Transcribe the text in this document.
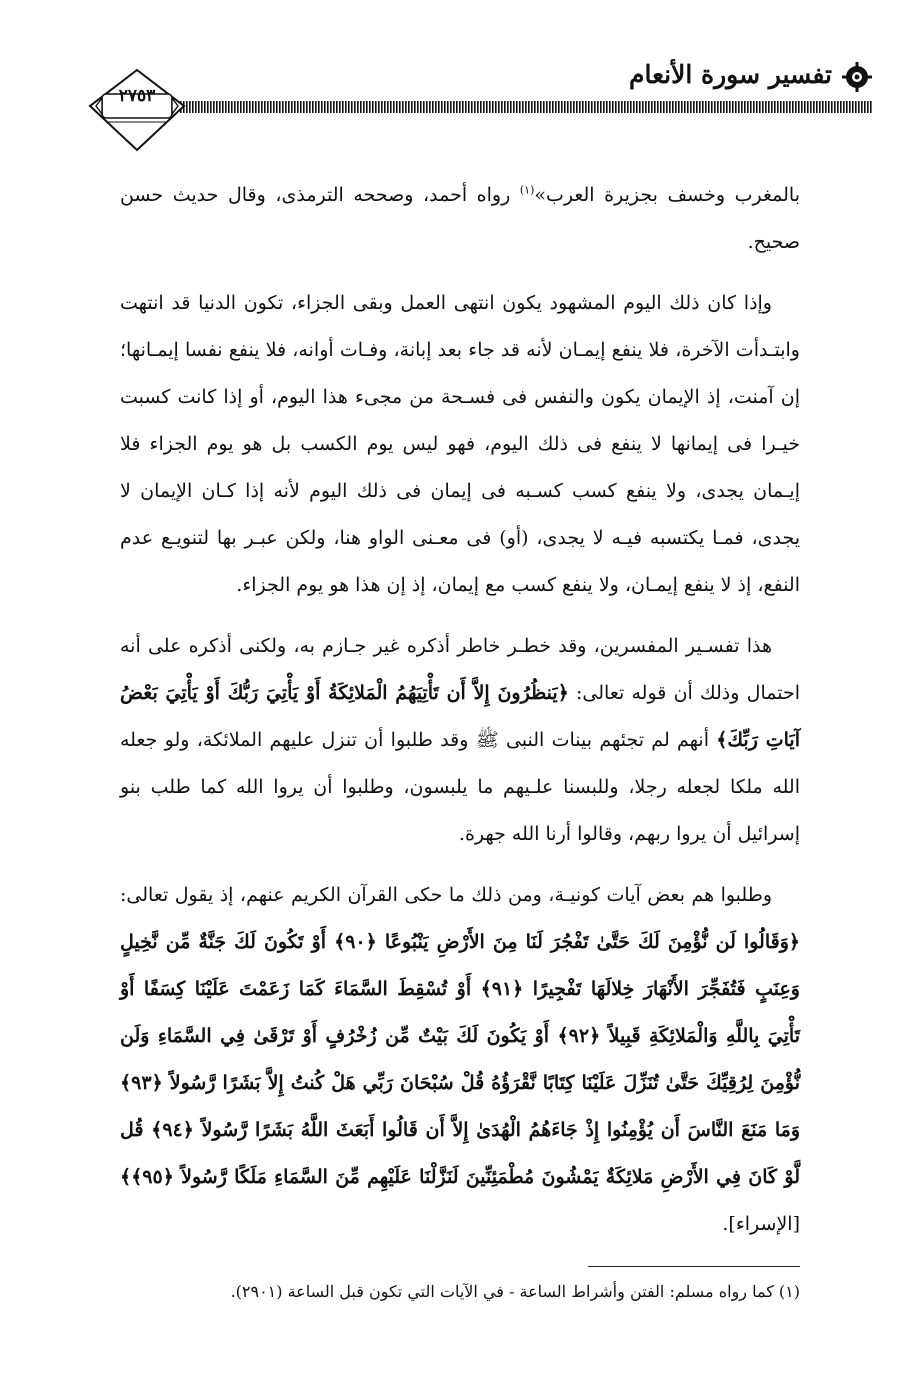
تفسير سورة الأنعام
٢٧٥٣

بالمغرب وخسف بجزيرة العرب»$^{(١)}$ رواه أحمد، وصححه الترمذى، وقال حديث حسن صحيح.

وإذا كان ذلك اليوم المشهود يكون انتهى العمل وبقى الجزاء، تكون الدنيا قد انتهت وابتـدأت الآخرة، فلا ينفع إيمـان لأنه قد جاء بعد إبانة، وفـات أوانه، فلا ينفع نفسا إيمـانها؛ إن آمنت، إذ الإيمان يكون والنفس فى فسـحة من مجىء هذا اليوم، أو إذا كانت كسبت خيـرا فى إيمانها لا ينفع فى ذلك اليوم، فهو ليس يوم الكسب بل هو يوم الجزاء فلا إيـمان يجدى، ولا ينفع كسب كسـبه فى إيمان فى ذلك اليوم لأنه إذا كـان الإيمان لا يجدى، فمـا يكتسبه فيـه لا يجدى، (أو) فى معـنى الواو هنا، ولكن عبـر بها لتنويـع عدم النفع، إذ لا ينفع إيمـان، ولا ينفع كسب مع إيمان، إذ إن هذا هو يوم الجزاء.

هذا تفسـير المفسرين، وقد خطـر خاطر أذكره غير جـازم به، ولكنى أذكره على أنه احتمال وذلك أن قوله تعالى: ﴿يَنظُرُونَ إِلاَّ أَن تَأْتِيَهُمُ الْمَلائِكَةُ أَوْ يَأْتِيَ رَبُّكَ أَوْ يَأْتِيَ بَعْضُ آيَاتِ رَبِّكَ﴾ أنهم لم تجئهم بينات النبى ﷺ وقد طلبوا أن تنزل عليهم الملائكة، ولو جعله الله ملكا لجعله رجلا، وللبسنا علـيهم ما يلبسون، وطلبوا أن يروا الله كما طلب بنو إسرائيل أن يروا ربهم، وقالوا أرنا الله جهرة.

وطلبوا هم بعض آيات كونيـة، ومن ذلك ما حكى القرآن الكريم عنهم، إذ يقول تعالى: ﴿وَقَالُوا لَن نُّؤْمِنَ لَكَ حَتَّىٰ تَفْجُرَ لَنَا مِنَ الأَرْضِ يَنْبُوعًا ﴿٩٠﴾ أَوْ تَكُونَ لَكَ جَنَّةٌ مِّن نَّخِيلٍ وَعِنَبٍ فَتُفَجِّرَ الأَنْهَارَ خِلالَهَا تَفْجِيرًا ﴿٩١﴾ أَوْ تُسْقِطَ السَّمَاءَ كَمَا زَعَمْتَ عَلَيْنَا كِسَفًا أَوْ تَأْتِيَ بِاللَّهِ وَالْمَلائِكَةِ قَبِيلاً ﴿٩٢﴾ أَوْ يَكُونَ لَكَ بَيْتٌ مِّن زُخْرُفٍ أَوْ تَرْقَىٰ فِي السَّمَاءِ وَلَن نُّؤْمِنَ لِرُقِيِّكَ حَتَّىٰ تُنَزِّلَ عَلَيْنَا كِتَابًا نَّقْرَؤُهُ قُلْ سُبْحَانَ رَبِّي هَلْ كُنتُ إِلاَّ بَشَرًا رَّسُولاً ﴿٩٣﴾ وَمَا مَنَعَ النَّاسَ أَن يُؤْمِنُوا إِذْ جَاءَهُمُ الْهُدَىٰ إِلاَّ أَن قَالُوا أَبَعَثَ اللَّهُ بَشَرًا رَّسُولاً ﴿٩٤﴾ قُل لَّوْ كَانَ فِي الأَرْضِ مَلائِكَةٌ يَمْشُونَ مُطْمَئِنِّينَ لَنَزَّلْنَا عَلَيْهِم مِّنَ السَّمَاءِ مَلَكًا رَّسُولاً ﴿٩٥﴾﴾ [الإسراء].

(١) كما رواه مسلم: الفتن وأشراط الساعة - في الآيات التي تكون قبل الساعة (٢٩٠١).
